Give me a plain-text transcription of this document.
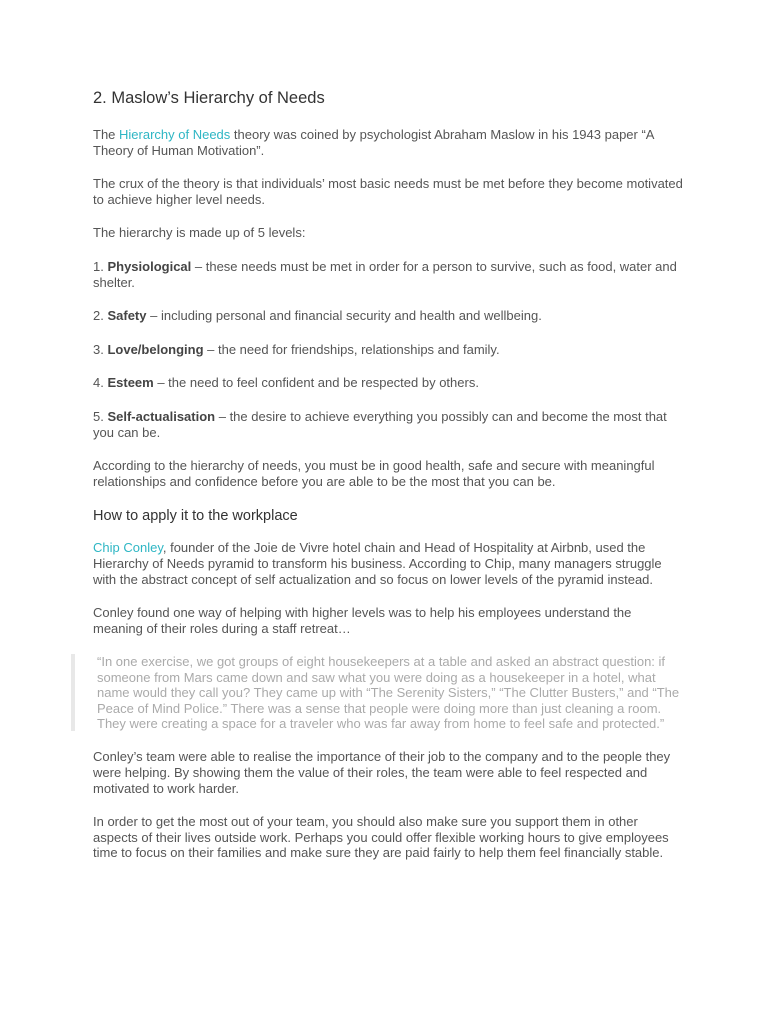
2. Maslow’s Hierarchy of Needs

The Hierarchy of Needs theory was coined by psychologist Abraham Maslow in his 1943 paper “A Theory of Human Motivation”.

The crux of the theory is that individuals’ most basic needs must be met before they become motivated to achieve higher level needs.

The hierarchy is made up of 5 levels:

1. Physiological – these needs must be met in order for a person to survive, such as food, water and shelter.

2. Safety – including personal and financial security and health and wellbeing.

3. Love/belonging – the need for friendships, relationships and family.

4. Esteem – the need to feel confident and be respected by others.

5. Self-actualisation – the desire to achieve everything you possibly can and become the most that you can be.

According to the hierarchy of needs, you must be in good health, safe and secure with meaningful relationships and confidence before you are able to be the most that you can be.

How to apply it to the workplace

Chip Conley, founder of the Joie de Vivre hotel chain and Head of Hospitality at Airbnb, used the Hierarchy of Needs pyramid to transform his business. According to Chip, many managers struggle with the abstract concept of self actualization and so focus on lower levels of the pyramid instead.

Conley found one way of helping with higher levels was to help his employees understand the meaning of their roles during a staff retreat…

“In one exercise, we got groups of eight housekeepers at a table and asked an abstract question: if someone from Mars came down and saw what you were doing as a housekeeper in a hotel, what name would they call you? They came up with “The Serenity Sisters,” “The Clutter Busters,” and “The Peace of Mind Police.” There was a sense that people were doing more than just cleaning a room. They were creating a space for a traveler who was far away from home to feel safe and protected.”

Conley’s team were able to realise the importance of their job to the company and to the people they were helping. By showing them the value of their roles, the team were able to feel respected and motivated to work harder.

In order to get the most out of your team, you should also make sure you support them in other aspects of their lives outside work. Perhaps you could offer flexible working hours to give employees time to focus on their families and make sure they are paid fairly to help them feel financially stable.
